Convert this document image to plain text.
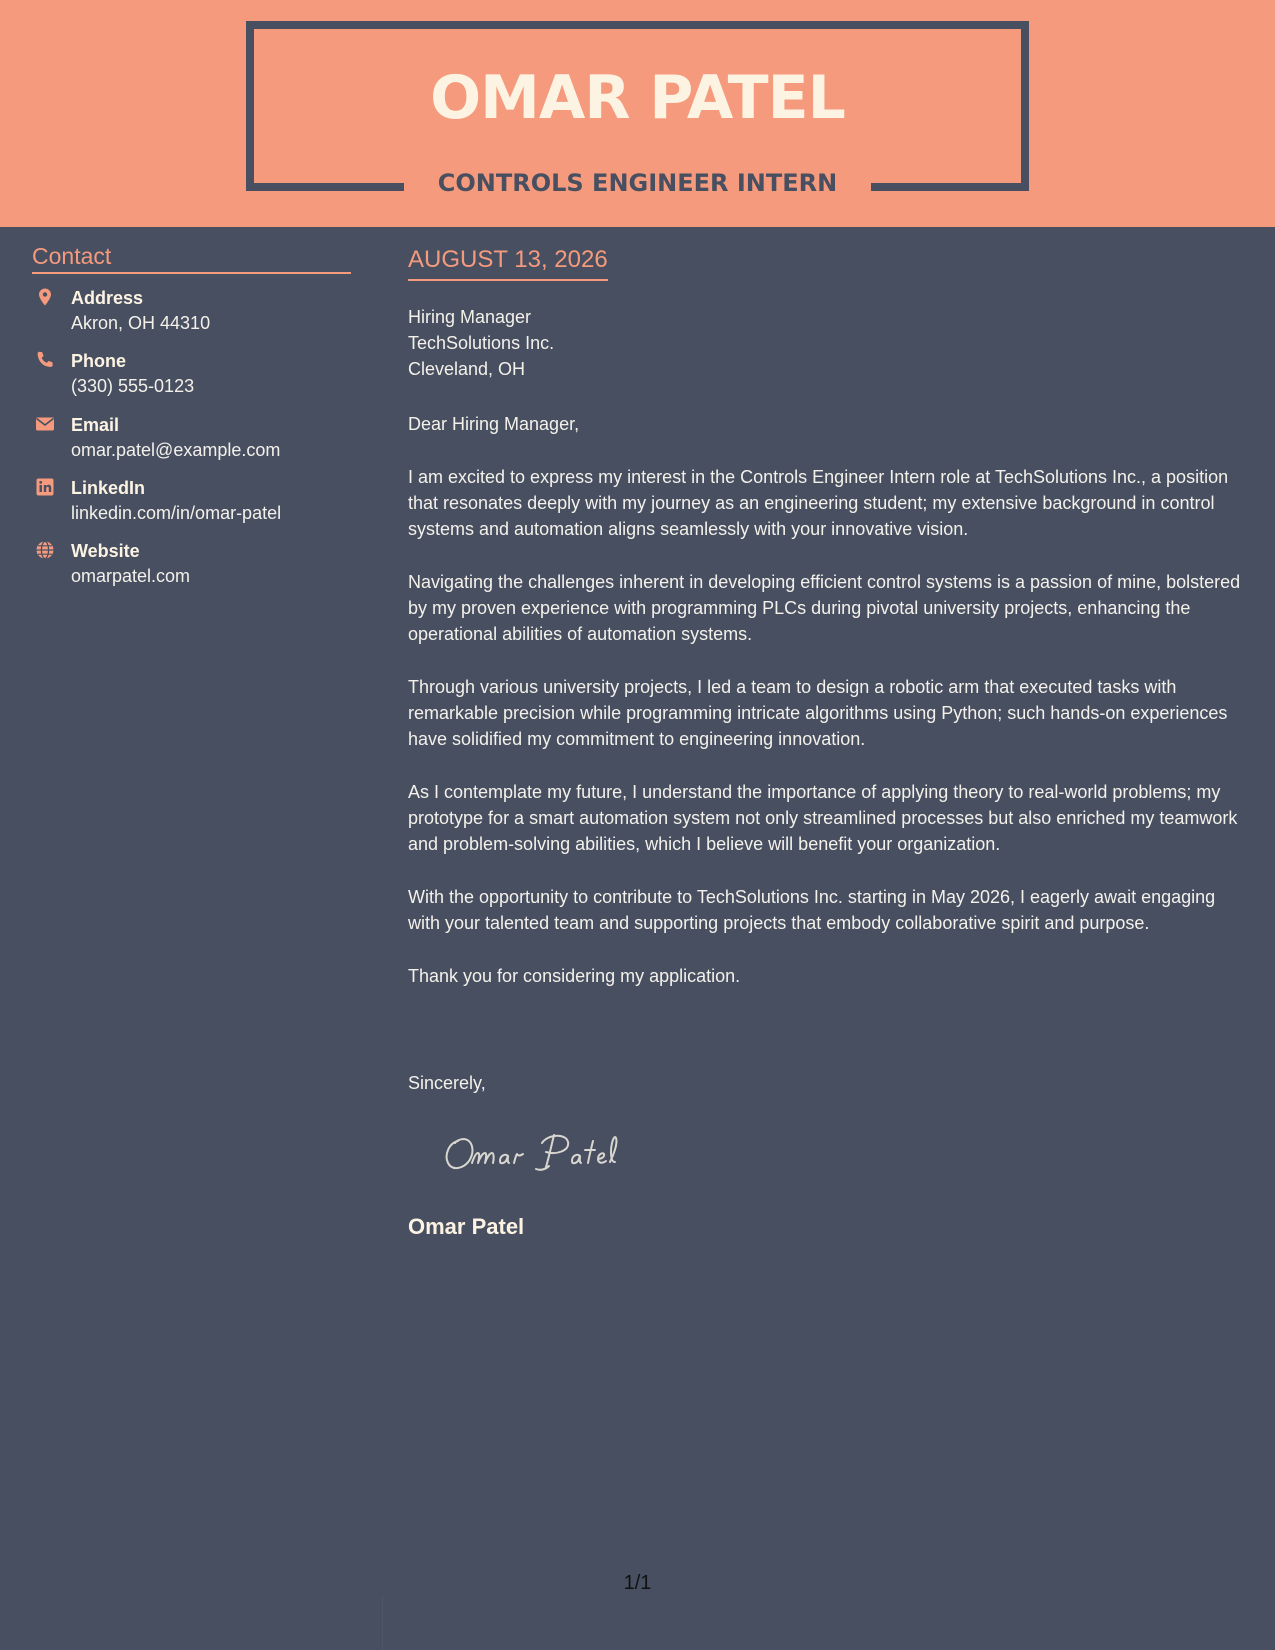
OMAR PATEL
CONTROLS ENGINEER INTERN
Contact
Address
Akron, OH 44310
Phone
(330) 555-0123
Email
omar.patel@example.com
LinkedIn
linkedin.com/in/omar-patel
Website
omarpatel.com
AUGUST 13, 2026
Hiring Manager
TechSolutions Inc.
Cleveland, OH

Dear Hiring Manager,

I am excited to express my interest in the Controls Engineer Intern role at TechSolutions Inc., a position that resonates deeply with my journey as an engineering student; my extensive background in control systems and automation aligns seamlessly with your innovative vision.

Navigating the challenges inherent in developing efficient control systems is a passion of mine, bolstered by my proven experience with programming PLCs during pivotal university projects, enhancing the operational abilities of automation systems.

Through various university projects, I led a team to design a robotic arm that executed tasks with remarkable precision while programming intricate algorithms using Python; such hands-on experiences have solidified my commitment to engineering innovation.

As I contemplate my future, I understand the importance of applying theory to real-world problems; my prototype for a smart automation system not only streamlined processes but also enriched my teamwork and problem-solving abilities, which I believe will benefit your organization.

With the opportunity to contribute to TechSolutions Inc. starting in May 2026, I eagerly await engaging with your talented team and supporting projects that embody collaborative spirit and purpose.

Thank you for considering my application.

Sincerely,
Omar Patel
1/1
